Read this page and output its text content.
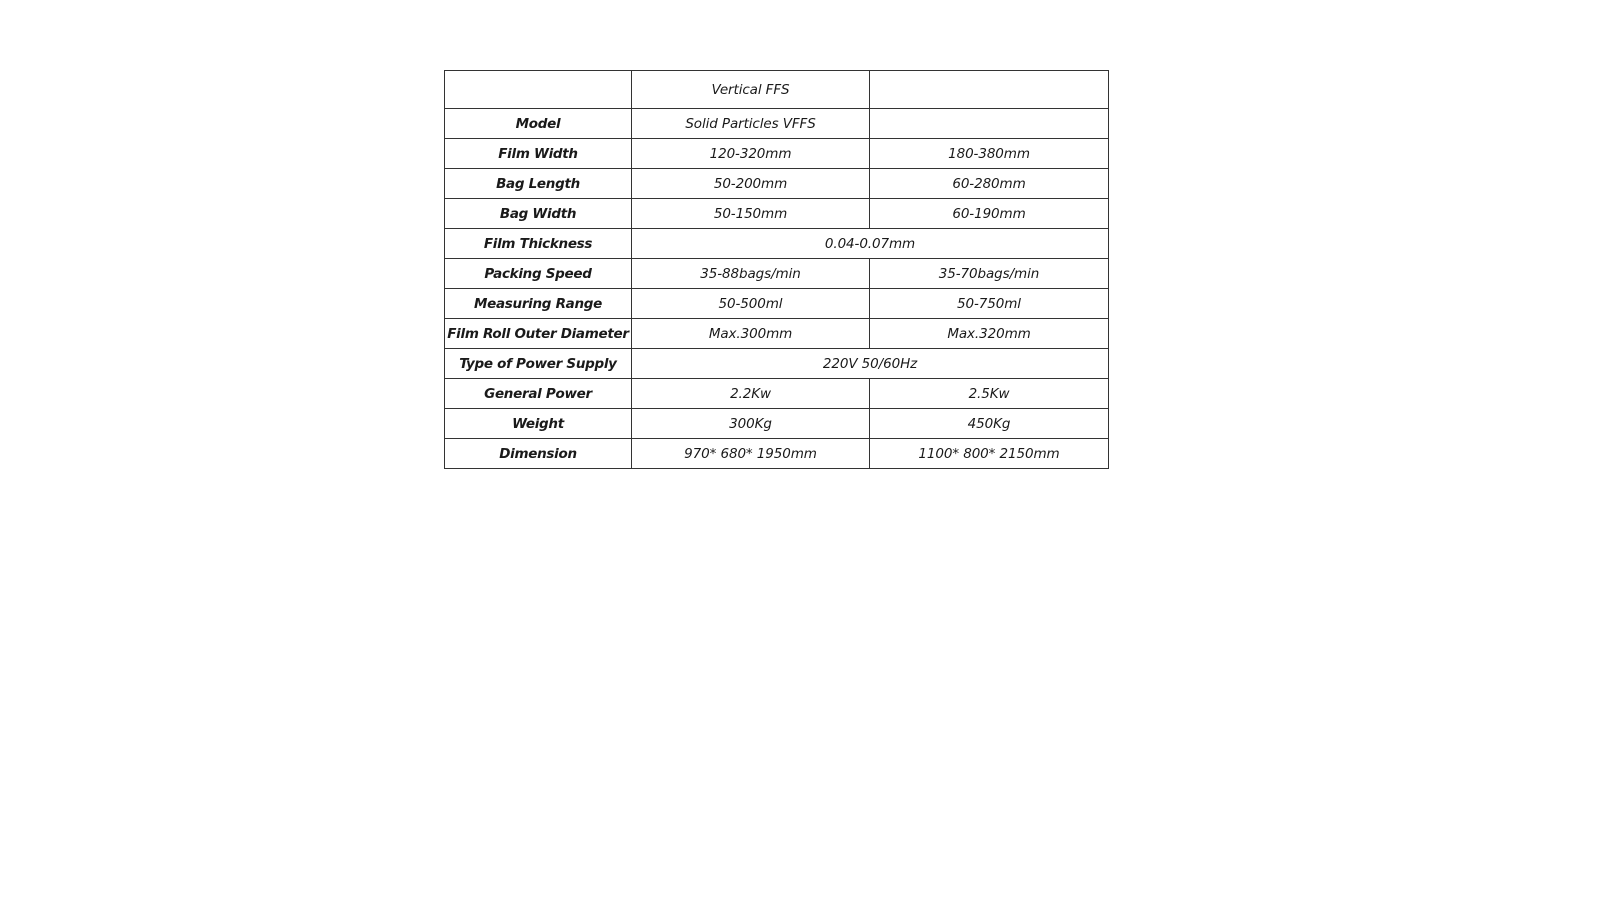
	Vertical FFS	
Model	Solid Particles VFFS	
Film Width	120-320mm	180-380mm
Bag Length	50-200mm	60-280mm
Bag Width	50-150mm	60-190mm
Film Thickness	0.04-0.07mm	
Packing Speed	35-88bags/min	35-70bags/min
Measuring Range	50-500ml	50-750ml
Film Roll Outer Diameter	Max.300mm	Max.320mm
Type of Power Supply	220V 50/60Hz	
General Power	2.2Kw	2.5Kw
Weight	300Kg	450Kg
Dimension	970* 680* 1950mm	1100* 800* 2150mm
